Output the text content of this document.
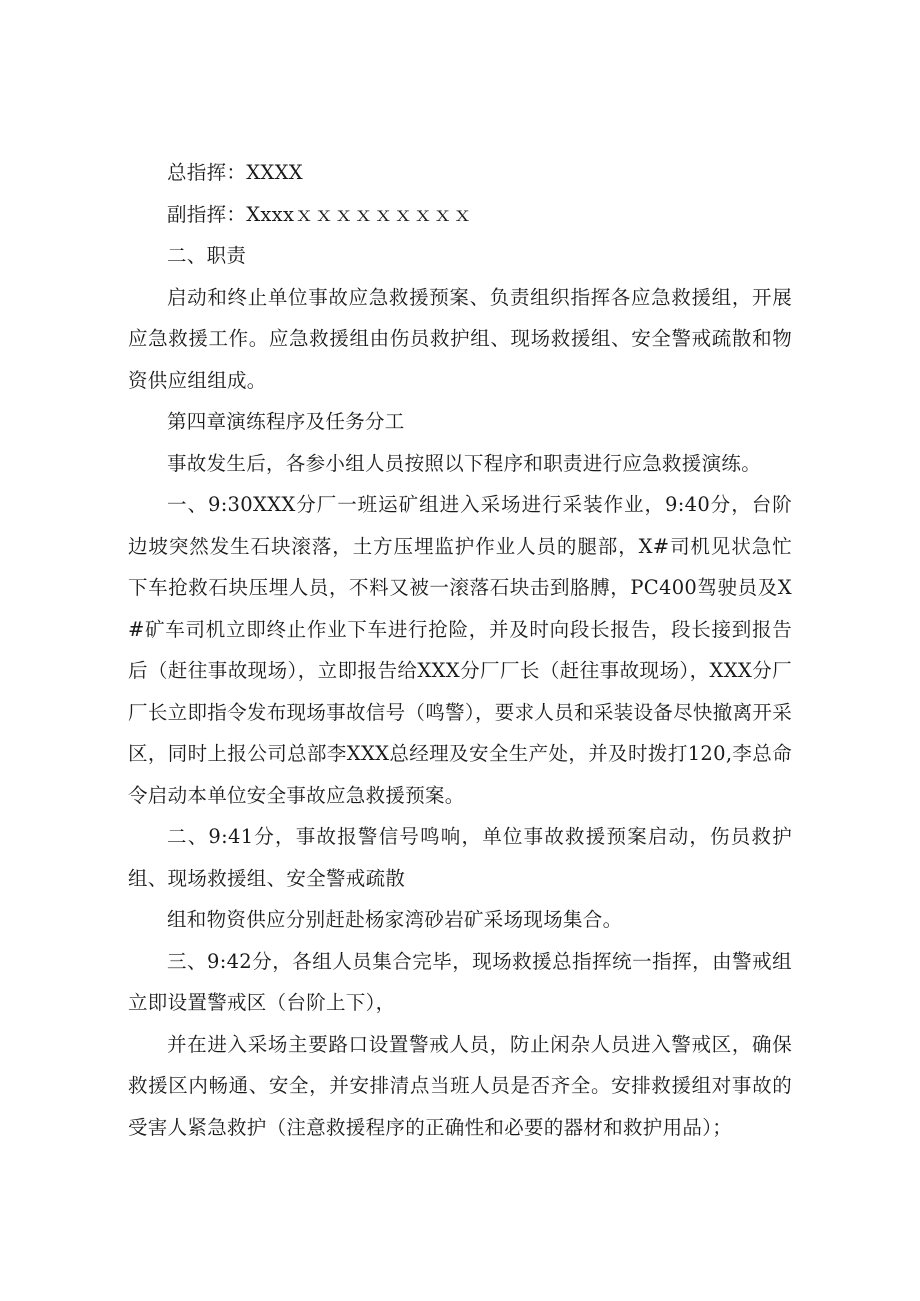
总指挥：XXXX

副指挥：Xxxxｘｘｘｘｘｘｘｘｘ

二、职责

启动和终止单位事故应急救援预案、负责组织指挥各应急救援组，开展应急救援工作。应急救援组由伤员救护组、现场救援组、安全警戒疏散和物资供应组组成。

第四章演练程序及任务分工

事故发生后，各参小组人员按照以下程序和职责进行应急救援演练。

一、9:30XXX分厂一班运矿组进入采场进行采装作业，9:40分，台阶边坡突然发生石块滚落，土方压埋监护作业人员的腿部，X#司机见状急忙下车抢救石块压埋人员，不料又被一滚落石块击到胳膊，PC400驾驶员及X#矿车司机立即终止作业下车进行抢险，并及时向段长报告，段长接到报告后（赶往事故现场），立即报告给XXX分厂厂长（赶往事故现场），XXX分厂厂长立即指令发布现场事故信号（鸣警），要求人员和采装设备尽快撤离开采区，同时上报公司总部李XXX总经理及安全生产处，并及时拨打120,李总命令启动本单位安全事故应急救援预案。

二、9:41分，事故报警信号鸣响，单位事故救援预案启动，伤员救护组、现场救援组、安全警戒疏散

组和物资供应分别赶赴杨家湾砂岩矿采场现场集合。

三、9:42分，各组人员集合完毕，现场救援总指挥统一指挥，由警戒组立即设置警戒区（台阶上下），

并在进入采场主要路口设置警戒人员，防止闲杂人员进入警戒区，确保救援区内畅通、安全，并安排清点当班人员是否齐全。安排救援组对事故的受害人紧急救护（注意救援程序的正确性和必要的器材和救护用品）；
